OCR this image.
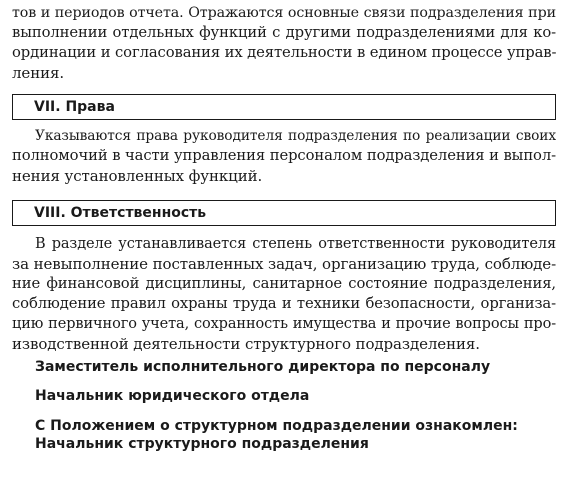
тов и периодов отчета. Отражаются основные связи подразделения при
выполнении отдельных функций с другими подразделениями для ко-
ординации и согласования их деятельности в едином процессе управ-
ления.
VII. Права
Указываются права руководителя подразделения по реализации своих
полномочий в части управления персоналом подразделения и выпол-
нения установленных функций.
VIII. Ответственность
В разделе устанавливается степень ответственности руководителя
за невыполнение поставленных задач, организацию труда, соблюде-
ние финансовой дисциплины, санитарное состояние подразделения,
соблюдение правил охраны труда и техники безопасности, организа-
цию первичного учета, сохранность имущества и прочие вопросы про-
изводственной деятельности структурного подразделения.
Заместитель исполнительного директора по персоналу
Начальник юридического отдела
С Положением о структурном подразделении ознакомлен:
Начальник структурного подразделения
